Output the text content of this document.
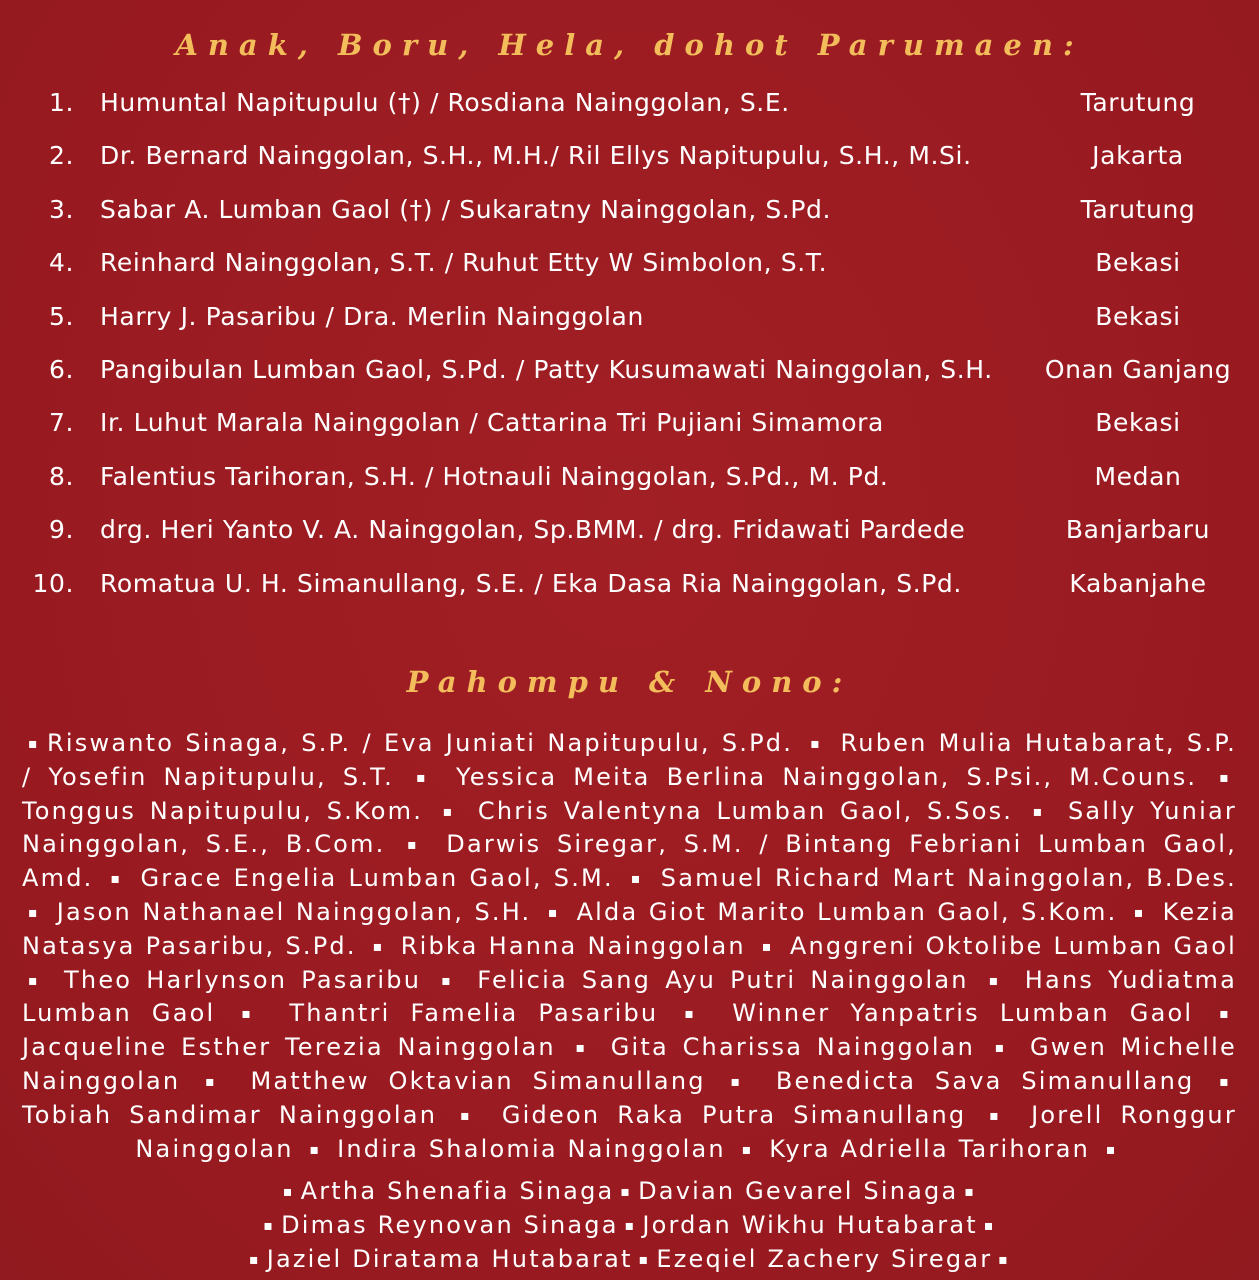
Anak, Boru, Hela, dohot Parumaen:
1. Humuntal Napitupulu (†) / Rosdiana Nainggolan, S.E.	Tarutung
2. Dr. Bernard Nainggolan, S.H., M.H./ Ril Ellys Napitupulu, S.H., M.Si.	Jakarta
3. Sabar A. Lumban Gaol (†) / Sukaratny Nainggolan, S.Pd.	Tarutung
4. Reinhard Nainggolan, S.T. / Ruhut Etty W Simbolon, S.T.	Bekasi
5. Harry J. Pasaribu / Dra. Merlin Nainggolan	Bekasi
6. Pangibulan Lumban Gaol, S.Pd. / Patty Kusumawati Nainggolan, S.H. Onan Ganjang
7. Ir. Luhut Marala Nainggolan / Cattarina Tri Pujiani Simamora	Bekasi
8. Falentius Tarihoran, S.H. / Hotnauli Nainggolan, S.Pd., M. Pd.	Medan
9. drg. Heri Yanto V. A. Nainggolan, Sp.BMM. / drg. Fridawati Pardede	Banjarbaru
10. Romatua U. H. Simanullang, S.E. / Eka Dasa Ria Nainggolan, S.Pd.	Kabanjahe
Pahompu & Nono:
▪ Riswanto Sinaga, S.P. / Eva Juniati Napitupulu, S.Pd. ▪ Ruben Mulia Hutabarat, S.P. / Yosefin Napitupulu, S.T. ▪ Yessica Meita Berlina Nainggolan, S.Psi., M.Couns. ▪ Tonggus Napitupulu, S.Kom. ▪ Chris Valentyna Lumban Gaol, S.Sos. ▪ Sally Yuniar Nainggolan, S.E., B.Com. ▪ Darwis Siregar, S.M. / Bintang Febriani Lumban Gaol, Amd. ▪ Grace Engelia Lumban Gaol, S.M. ▪ Samuel Richard Mart Nainggolan, B.Des. ▪ Jason Nathanael Nainggolan, S.H. ▪ Alda Giot Marito Lumban Gaol, S.Kom. ▪ Kezia Natasya Pasaribu, S.Pd. ▪ Ribka Hanna Nainggolan ▪ Anggreni Oktolibe Lumban Gaol ▪ Theo Harlynson Pasaribu ▪ Felicia Sang Ayu Putri Nainggolan ▪ Hans Yudiatma Lumban Gaol ▪ Thantri Famelia Pasaribu ▪ Winner Yanpatris Lumban Gaol ▪ Jacqueline Esther Terezia Nainggolan ▪ Gita Charissa Nainggolan ▪ Gwen Michelle Nainggolan ▪ Matthew Oktavian Simanullang ▪ Benedicta Sava Simanullang ▪ Tobiah Sandimar Nainggolan ▪ Gideon Raka Putra Simanullang ▪ Jorell Ronggur Nainggolan ▪ Indira Shalomia Nainggolan ▪ Kyra Adriella Tarihoran ▪
▪ Artha Shenafia Sinaga ▪ Davian Gevarel Sinaga ▪
▪ Dimas Reynovan Sinaga ▪ Jordan Wikhu Hutabarat ▪
▪ Jaziel Diratama Hutabarat ▪ Ezeqiel Zachery Siregar ▪
